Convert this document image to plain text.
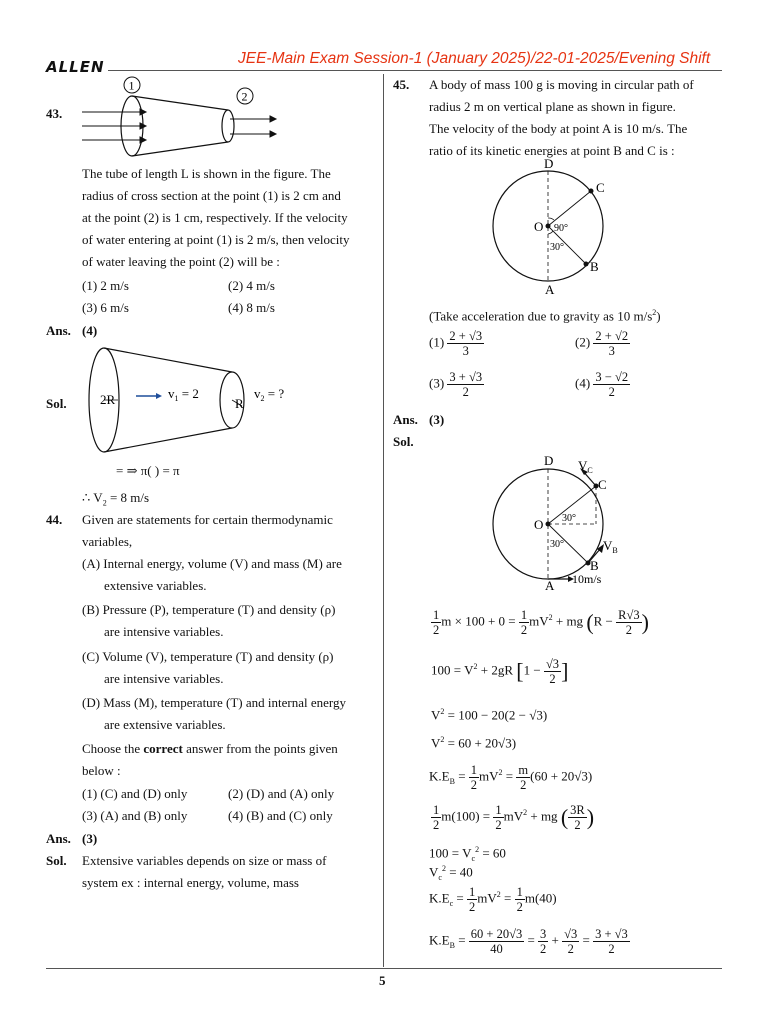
ALLEN	JEE-Main Exam Session-1 (January 2025)/22-01-2025/Evening Shift
5
43.
1
2
The tube of length L is shown in the figure. The
radius of cross section at the point (1) is 2 cm and
at the point (2) is 1 cm, respectively. If the velocity
of water entering at point (1) is 2 m/s, then velocity
of water leaving the point (2) will be :
(1) 2 m/s	(2) 4 m/s
(3) 6 m/s	(4) 8 m/s
Ans. (4)
Sol.	2R	$v_1 = 2$
R
$v_2$ = ?
= ⇒ π( ) = π
∴ $V_2 = 8$ m/s
44. Given are statements for certain thermodynamic
variables,
(A) Internal energy, volume (V) and mass (M) are
extensive variables.
(B) Pressure (P), temperature (T) and density (ρ)
are intensive variables.
(C) Volume (V), temperature (T) and density (ρ)
are intensive variables.
(D) Mass (M), temperature (T) and internal energy
are extensive variables.
Choose the correct answer from the points given
below :
(1) (C) and (D) only	(2) (D) and (A) only
(3) (A) and (B) only	(4) (B) and (C) only
Ans. (3)
Sol. Extensive variables depends on size or mass of
system ex : internal energy, volume, mass
45. A body of mass 100 g is moving in circular path of
radius 2 m on vertical plane as shown in figure.
The velocity of the body at point A is 10 m/s. The
ratio of its kinetic energies at point B and C is :
D
C
O 90°
30°
B
A
(Take acceleration due to gravity as 10 $m/s^2$)
$(1) \frac{2 + √3}{3}$	$(2) \frac{2 + √2}{3}$
$(3) \frac{3 + √3}{2}$	$(4) \frac{3 - √2}{2}$
Ans. (3)
Sol.
D $V_C$
C
O 30°
30°	$V_B$
B
A 10m/s
$\frac{1}{2}$ $m \times 100 + 0 = \frac{1}{2} mV^2$ + mg ($R - \frac{R√3}{2}$ )
$100 = V^2 + 2gR$ [$1 - \frac{√3}{2}$ ]
$V^2 = 100 - 20(2 - √3)$
$V^2 = 60 + 20√3$)
$K.E_B = \frac{1}{2} mV^2 = \frac{m}{2} (60 + 20√3)$
$\frac{1}{2} m(100) = \frac{1}{2} mV^2$ + mg ( $\frac{3R}{2}$ )
$100 = V_c^2 = 60$
$V_c^2 = 40$
$K.E_c = \frac{1}{2} mV^2 = \frac{1}{2} m(40)$
$K.E_B = \frac{60 + 20√3}{40} = \frac{3}{2} + \frac{√3}{2} = \frac{3 + √3}{2}$
